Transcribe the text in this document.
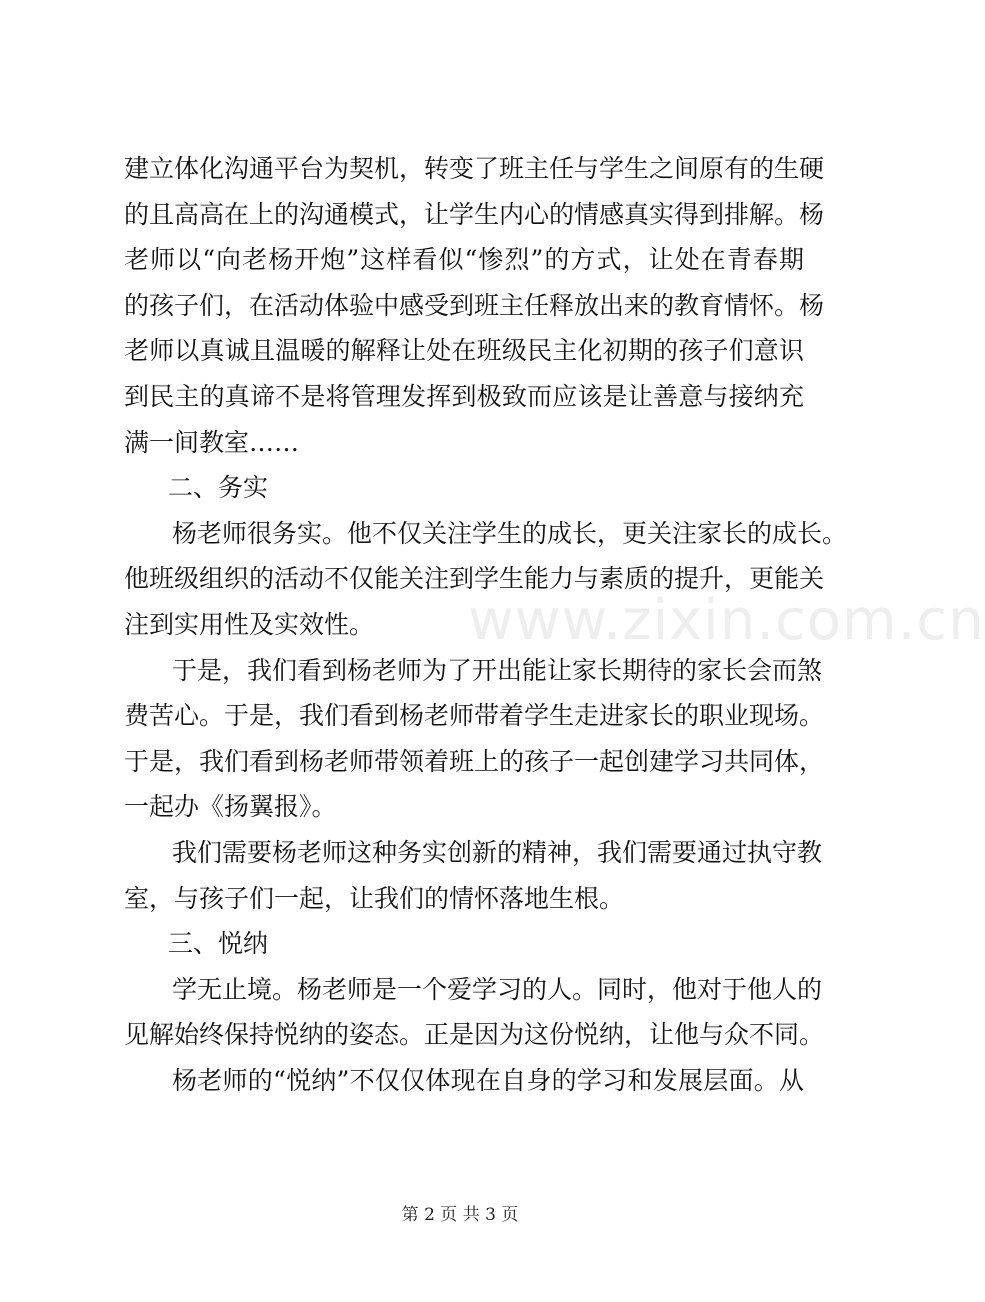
www.zixin.com.cn
建立体化沟通平台为契机，转变了班主任与学生之间原有的生硬
的且高高在上的沟通模式，让学生内心的情感真实得到排解。杨
老师以“向老杨开炮”这样看似“惨烈”的方式，让处在青春期
的孩子们，在活动体验中感受到班主任释放出来的教育情怀。杨
老师以真诚且温暖的解释让处在班级民主化初期的孩子们意识
到民主的真谛不是将管理发挥到极致而应该是让善意与接纳充
满一间教室……
二、务实
杨老师很务实。他不仅关注学生的成长，更关注家长的成长。
他班级组织的活动不仅能关注到学生能力与素质的提升，更能关
注到实用性及实效性。
于是，我们看到杨老师为了开出能让家长期待的家长会而煞
费苦心。于是，我们看到杨老师带着学生走进家长的职业现场。
于是，我们看到杨老师带领着班上的孩子一起创建学习共同体，
一起办《扬翼报》。
我们需要杨老师这种务实创新的精神，我们需要通过执守教
室，与孩子们一起，让我们的情怀落地生根。
三、悦纳
学无止境。杨老师是一个爱学习的人。同时，他对于他人的
见解始终保持悦纳的姿态。正是因为这份悦纳，让他与众不同。
杨老师的“悦纳”不仅仅体现在自身的学习和发展层面。从
第 2 页 共 3 页
